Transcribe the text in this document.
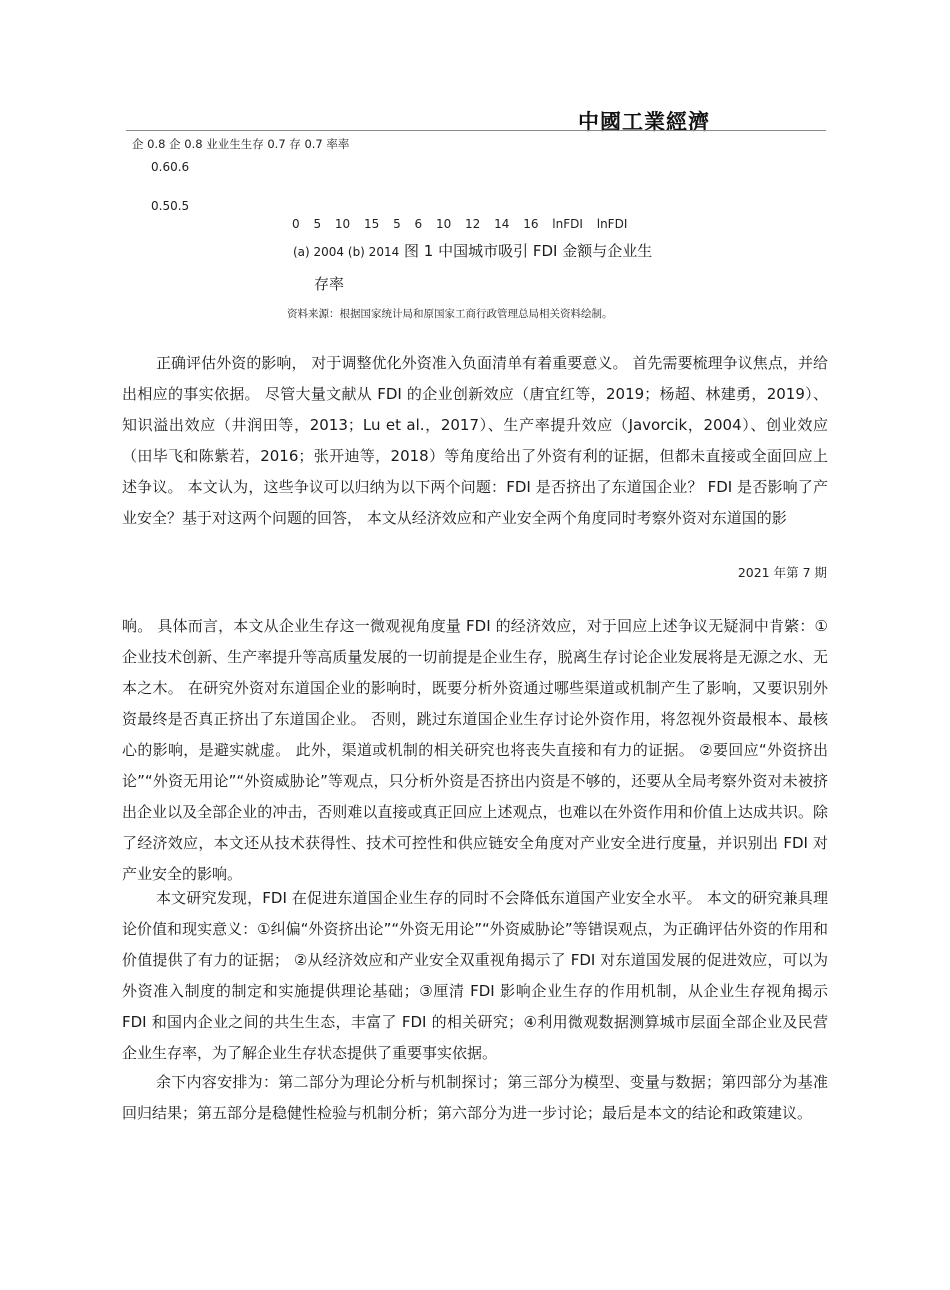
中國工業經濟
企 0.8 企 0.8 业业生生存 0.7 存 0.7 率率
0.60.6
0.50.5
0 5 10 15 5 6 10 12 14 16 lnFDI lnFDI
(a) 2004 (b) 2014 图 1 中国城市吸引 FDI 金额与企业生
存率
资料来源：根据国家统计局和原国家工商行政管理总局相关资料绘制。
正确评估外资的影响， 对于调整优化外资准入负面清单有着重要意义。 首先需要梳理争议焦点，并给出相应的事实依据。 尽管大量文献从 FDI 的企业创新效应（唐宜红等，2019；杨超、林建勇，2019）、知识溢出效应（井润田等，2013；Lu et al.，2017）、生产率提升效应（Javorcik，2004）、创业效应（田毕飞和陈紫若，2016；张开迪等，2018）等角度给出了外资有利的证据，但都未直接或全面回应上述争议。 本文认为，这些争议可以归纳为以下两个问题：FDI 是否挤出了东道国企业？ FDI 是否影响了产业安全？基于对这两个问题的回答， 本文从经济效应和产业安全两个角度同时考察外资对东道国的影
2021 年第 7 期
响。 具体而言，本文从企业生存这一微观视角度量 FDI 的经济效应，对于回应上述争议无疑洞中肯綮：①企业技术创新、生产率提升等高质量发展的一切前提是企业生存，脱离生存讨论企业发展将是无源之水、无本之木。 在研究外资对东道国企业的影响时，既要分析外资通过哪些渠道或机制产生了影响，又要识别外资最终是否真正挤出了东道国企业。 否则，跳过东道国企业生存讨论外资作用，将忽视外资最根本、最核心的影响，是避实就虚。 此外，渠道或机制的相关研究也将丧失直接和有力的证据。 ②要回应“外资挤出论”“外资无用论”“外资威胁论”等观点，只分析外资是否挤出内资是不够的，还要从全局考察外资对未被挤出企业以及全部企业的冲击，否则难以直接或真正回应上述观点，也难以在外资作用和价值上达成共识。除了经济效应，本文还从技术获得性、技术可控性和供应链安全角度对产业安全进行度量，并识别出 FDI 对产业安全的影响。
本文研究发现，FDI 在促进东道国企业生存的同时不会降低东道国产业安全水平。 本文的研究兼具理论价值和现实意义：①纠偏“外资挤出论”“外资无用论”“外资威胁论”等错误观点，为正确评估外资的作用和价值提供了有力的证据； ②从经济效应和产业安全双重视角揭示了 FDI 对东道国发展的促进效应，可以为外资准入制度的制定和实施提供理论基础；③厘清 FDI 影响企业生存的作用机制，从企业生存视角揭示 FDI 和国内企业之间的共生生态，丰富了 FDI 的相关研究；④利用微观数据测算城市层面全部企业及民营企业生存率，为了解企业生存状态提供了重要事实依据。
余下内容安排为：第二部分为理论分析与机制探讨；第三部分为模型、变量与数据；第四部分为基准回归结果；第五部分是稳健性检验与机制分析；第六部分为进一步讨论；最后是本文的结论和政策建议。
